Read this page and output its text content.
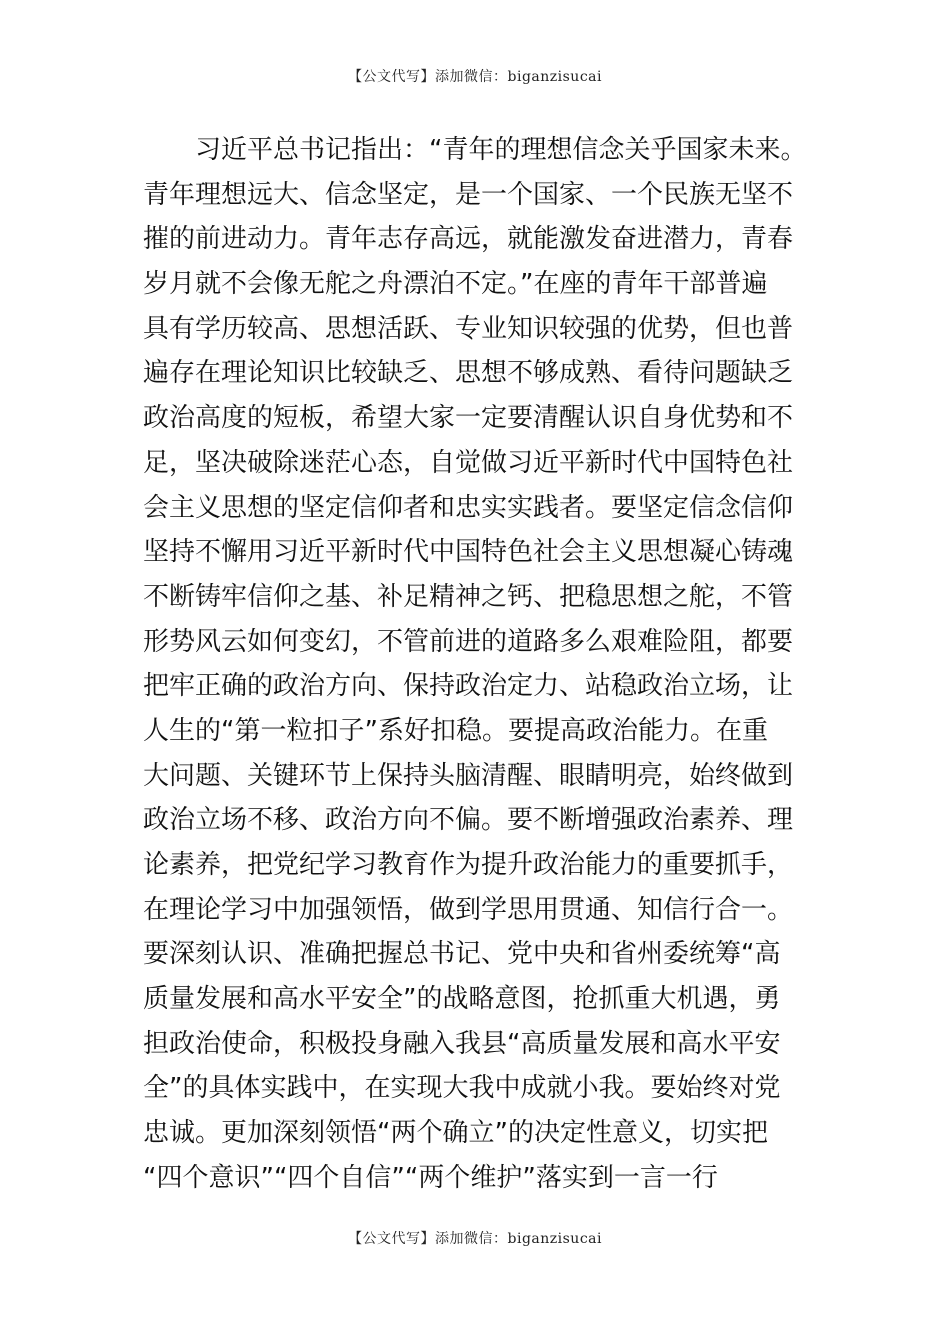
【公文代写】添加微信：biganzisucai
　　习近平总书记指出：“青年的理想信念关乎国家未来。
青年理想远大、信念坚定，是一个国家、一个民族无坚不
摧的前进动力。青年志存高远，就能激发奋进潜力，青春
岁月就不会像无舵之舟漂泊不定。”在座的青年干部普遍
具有学历较高、思想活跃、专业知识较强的优势，但也普
遍存在理论知识比较缺乏、思想不够成熟、看待问题缺乏
政治高度的短板，希望大家一定要清醒认识自身优势和不
足，坚决破除迷茫心态，自觉做习近平新时代中国特色社
会主义思想的坚定信仰者和忠实实践者。要坚定信念信仰
坚持不懈用习近平新时代中国特色社会主义思想凝心铸魂
不断铸牢信仰之基、补足精神之钙、把稳思想之舵，不管
形势风云如何变幻，不管前进的道路多么艰难险阻，都要
把牢正确的政治方向、保持政治定力、站稳政治立场，让
人生的“第一粒扣子”系好扣稳。要提高政治能力。在重
大问题、关键环节上保持头脑清醒、眼睛明亮，始终做到
政治立场不移、政治方向不偏。要不断增强政治素养、理
论素养，把党纪学习教育作为提升政治能力的重要抓手，
在理论学习中加强领悟，做到学思用贯通、知信行合一。
要深刻认识、准确把握总书记、党中央和省州委统筹“高
质量发展和高水平安全”的战略意图，抢抓重大机遇，勇
担政治使命，积极投身融入我县“高质量发展和高水平安
全”的具体实践中，在实现大我中成就小我。要始终对党
忠诚。更加深刻领悟“两个确立”的决定性意义，切实把
“四个意识”“四个自信”“两个维护”落实到一言一行
【公文代写】添加微信：biganzisucai
